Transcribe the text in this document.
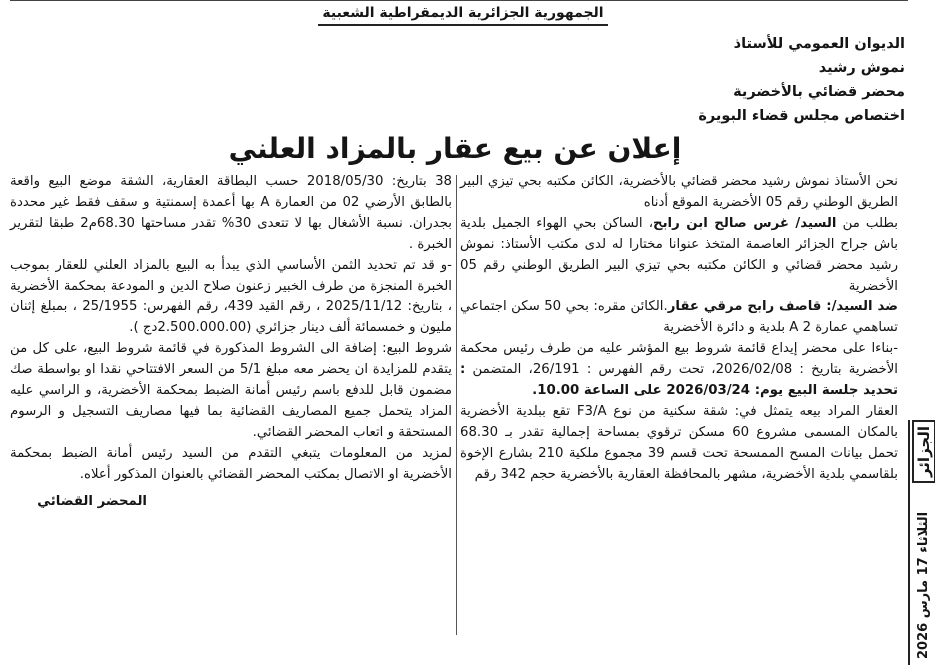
الجمهورية الجزائرية الديمقراطية الشعبية
الديوان العمومي للأستاذ
نموش رشيد
محضر قضائي بالأخضرية
اختصاص مجلس قضاء البويرة
إعلان عن بيع عقار بالمزاد العلني

نحن الأستاذ نموش رشيد محضر قضائي بالأخضرية، الكائن مكتبه بحي تيزي البير الطريق الوطني رقم 05 الأخضرية الموقع أدناه

بطلب من السيد/ غرس صالح ابن رابح، الساكن بحي الهواء الجميل بلدية باش جراح الجزائر العاصمة المتخذ عنوانا مختارا له لدى مكتب الأستاذ: نموش رشيد محضر قضائي و الكائن مكتبه بحي تيزي البير الطريق الوطني رقم 05 الأخضرية

ضد السيد/: قاصف رابح مرقي عقار.الكائن مقره: بحي 50 سكن اجتماعي تساهمي عمارة A 2 بلدية و دائرة الأخضرية

-بناءا على محضر إيداع قائمة شروط بيع المؤشر عليه من طرف رئيس محكمة الأخضرية بتاريخ : 2026/02/08، تحت رقم الفهرس : 26/191، المتضمن : تحديد جلسة البيع يوم: 2026/03/24 على الساعة 10.00.

العقار المراد بيعه يتمثل في: شقة سكنية من نوع F3/A تقع ببلدية الأخضرية بالمكان المسمى مشروع 60 مسكن ترقوي بمساحة إجمالية تقدر بـ 68.30 تحمل بيانات المسح الممسحة تحت قسم 39 مجموع ملكية 210 بشارع الإخوة بلقاسمي بلدية الأخضرية، مشهر بالمحافظة العقارية بالأخضرية حجم 342 رقم

38 بتاريخ: 2018/05/30 حسب البطاقة العقارية، الشقة موضع البيع واقعة بالطابق الأرضي 02 من العمارة A بها أعمدة إسمنتية و سقف فقط غير محددة بجدران. نسبة الأشغال بها لا تتعدى 30% تقدر مساحتها 68.30م2 طبقا لتقرير الخبرة .

-و قد تم تحديد الثمن الأساسي الذي يبدأ به البيع بالمزاد العلني للعقار بموجب الخبرة المنجزة من طرف الخبير زعنون صلاح الدين و المودعة بمحكمة الأخضرية ، بتاريخ: 2025/11/12 ، رقم القيد 439، رقم الفهرس: 25/1955 ، بمبلغ إثنان مليون و خمسمائة ألف دينار جزائري (2.500.000.00دج ).

شروط البيع: إضافة الى الشروط المذكورة في قائمة شروط البيع، على كل من يتقدم للمزايدة ان يحضر معه مبلغ 5/1 من السعر الافتتاحي نقدا او بواسطة صك مضمون قابل للدفع باسم رئيس أمانة الضبط بمحكمة الأخضرية، و الراسي عليه المزاد يتحمل جميع المصاريف القضائية بما فيها مصاريف التسجيل و الرسوم المستحقة و اتعاب المحضر القضائي.

لمزيد من المعلومات يتبغي التقدم من السيد رئيس أمانة الضبط بمحكمة الأخضرية او الاتصال بمكتب المحضر القضائي بالعنوان المذكور أعلاه.

المحضر القضائي

الجزائر
الثلاثاء 17 مارس 2026
